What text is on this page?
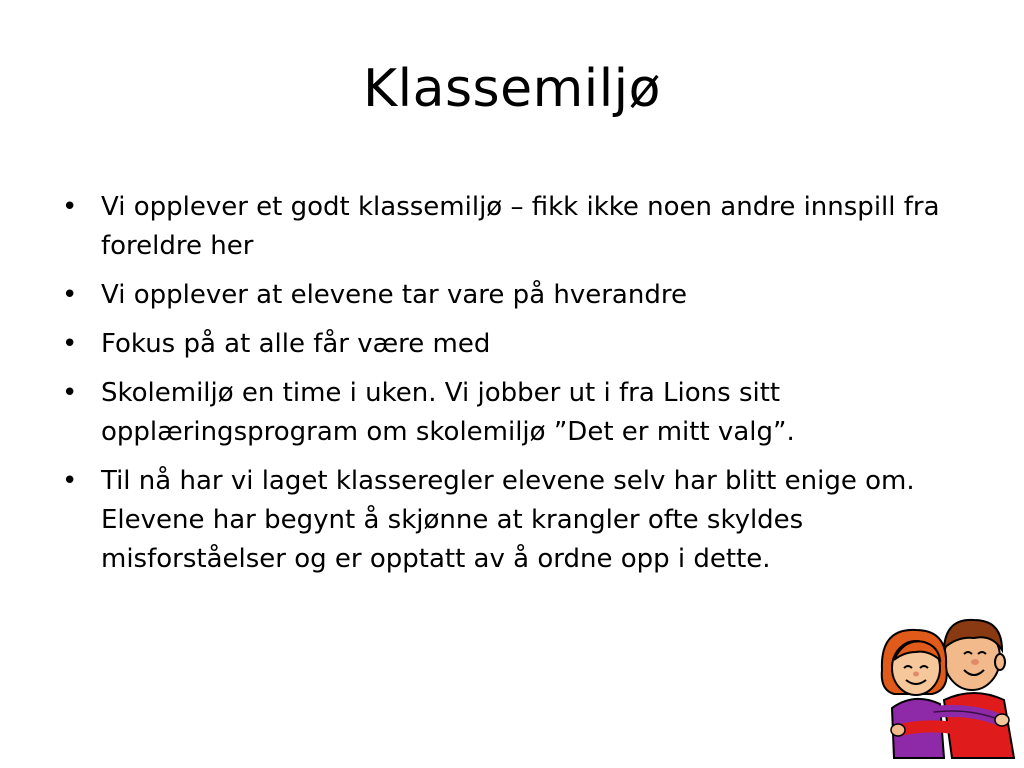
Klassemiljø
• Vi opplever et godt klassemiljø – fikk ikke noen andre innspill fra foreldre her
• Vi opplever at elevene tar vare på hverandre
• Fokus på at alle får være med
• Skolemiljø en time i uken. Vi jobber ut i fra Lions sitt opplæringsprogram om skolemiljø ”Det er mitt valg”.
• Til nå har vi laget klasseregler elevene selv har blitt enige om. Elevene har begynt å skjønne at krangler ofte skyldes misforståelser og er opptatt av å ordne opp i dette.
